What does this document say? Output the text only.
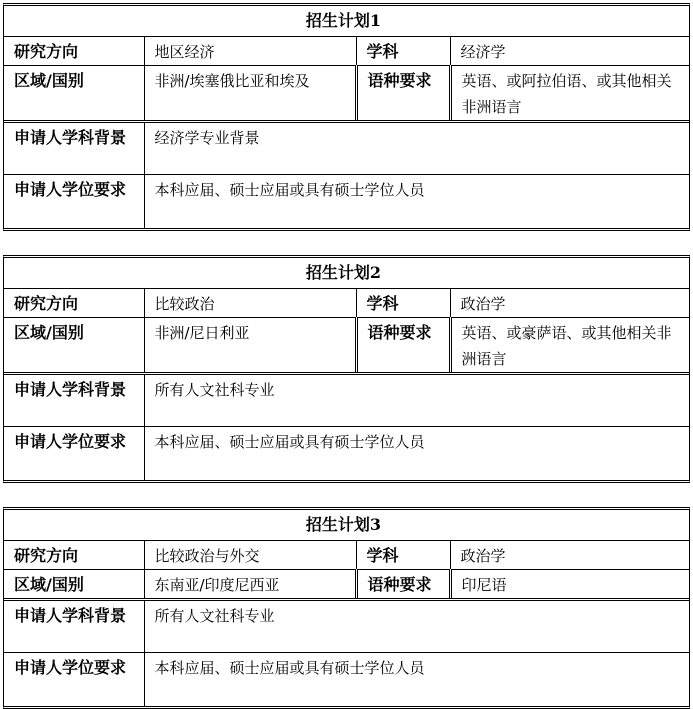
招生计划1			
研究方向	地区经济	学科	经济学
区域/国别	非洲/埃塞俄比亚和埃及	语种要求	英语、或阿拉伯语、或其他相关非洲语言
申请人学科背景	经济学专业背景		
申请人学位要求	本科应届、硕士应届或具有硕士学位人员		
招生计划2			
研究方向	比较政治	学科	政治学
区域/国别	非洲/尼日利亚	语种要求	英语、或豪萨语、或其他相关非洲语言
申请人学科背景	所有人文社科专业		
申请人学位要求	本科应届、硕士应届或具有硕士学位人员		
招生计划3			
研究方向	比较政治与外交	学科	政治学
区域/国别	东南亚/印度尼西亚	语种要求	印尼语
申请人学科背景	所有人文社科专业		
申请人学位要求	本科应届、硕士应届或具有硕士学位人员		
